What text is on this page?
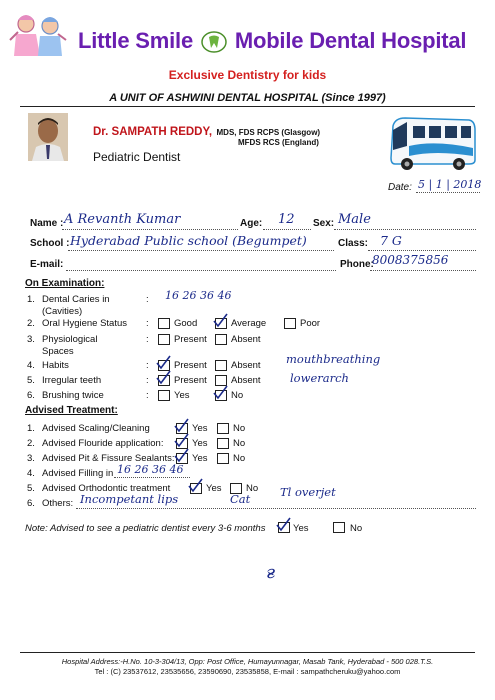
Little Smile Mobile Dental Hospital
Exclusive Dentistry for kids
A UNIT OF ASHWINI DENTAL HOSPITAL (Since 1997)
Dr. SAMPATH REDDY, MDS, FDS RCPS (Glasgow)
MFDS RCS (England)
Pediatric Dentist
Date: 5 | 1 | 2018
Name : A Revanth Kumar	Age: 12 Sex: Male
School : Hyderabad Public school (Begumpet)	Class: 7 G
E-mail:	Phone:
8008375856
On Examination:
1. Dental Caries in
(Cavities)
: 16 26 36 46
2. Oral Hygiene Status :	Good	Average	Poor
3. Physiological
Spaces
:	Present	Absent
4. Habits	:	Present	Absent mouthbreathing
5. Irregular teeth	:	Present	Absent	lowerarch
6. Brushing twice	:	Yes	No
Advised Treatment:
1. Advised Scaling/Cleaning	Yes	No
2. Advised Flouride application:	Yes	No
3. Advised Pit & Fissure Sealants: Yes	No
4. Advised Filling in 16 26 36 46
5. Advised Orthodontic treatment	Yes	No
6. Others: Incompetant lips	Cat	Tl overjet
Note: Advised to see a pediatric dentist every 3-6 months	Yes	No
ғ
Hospital Address:-H.No. 10-3-304/13, Opp: Post Office, Humayunnagar, Masab Tank, Hyderabad - 500 028.T.S.
Tel : (C) 23537612, 23535656, 23590690, 23535858, E-mail : sampathcheruku@yahoo.com
